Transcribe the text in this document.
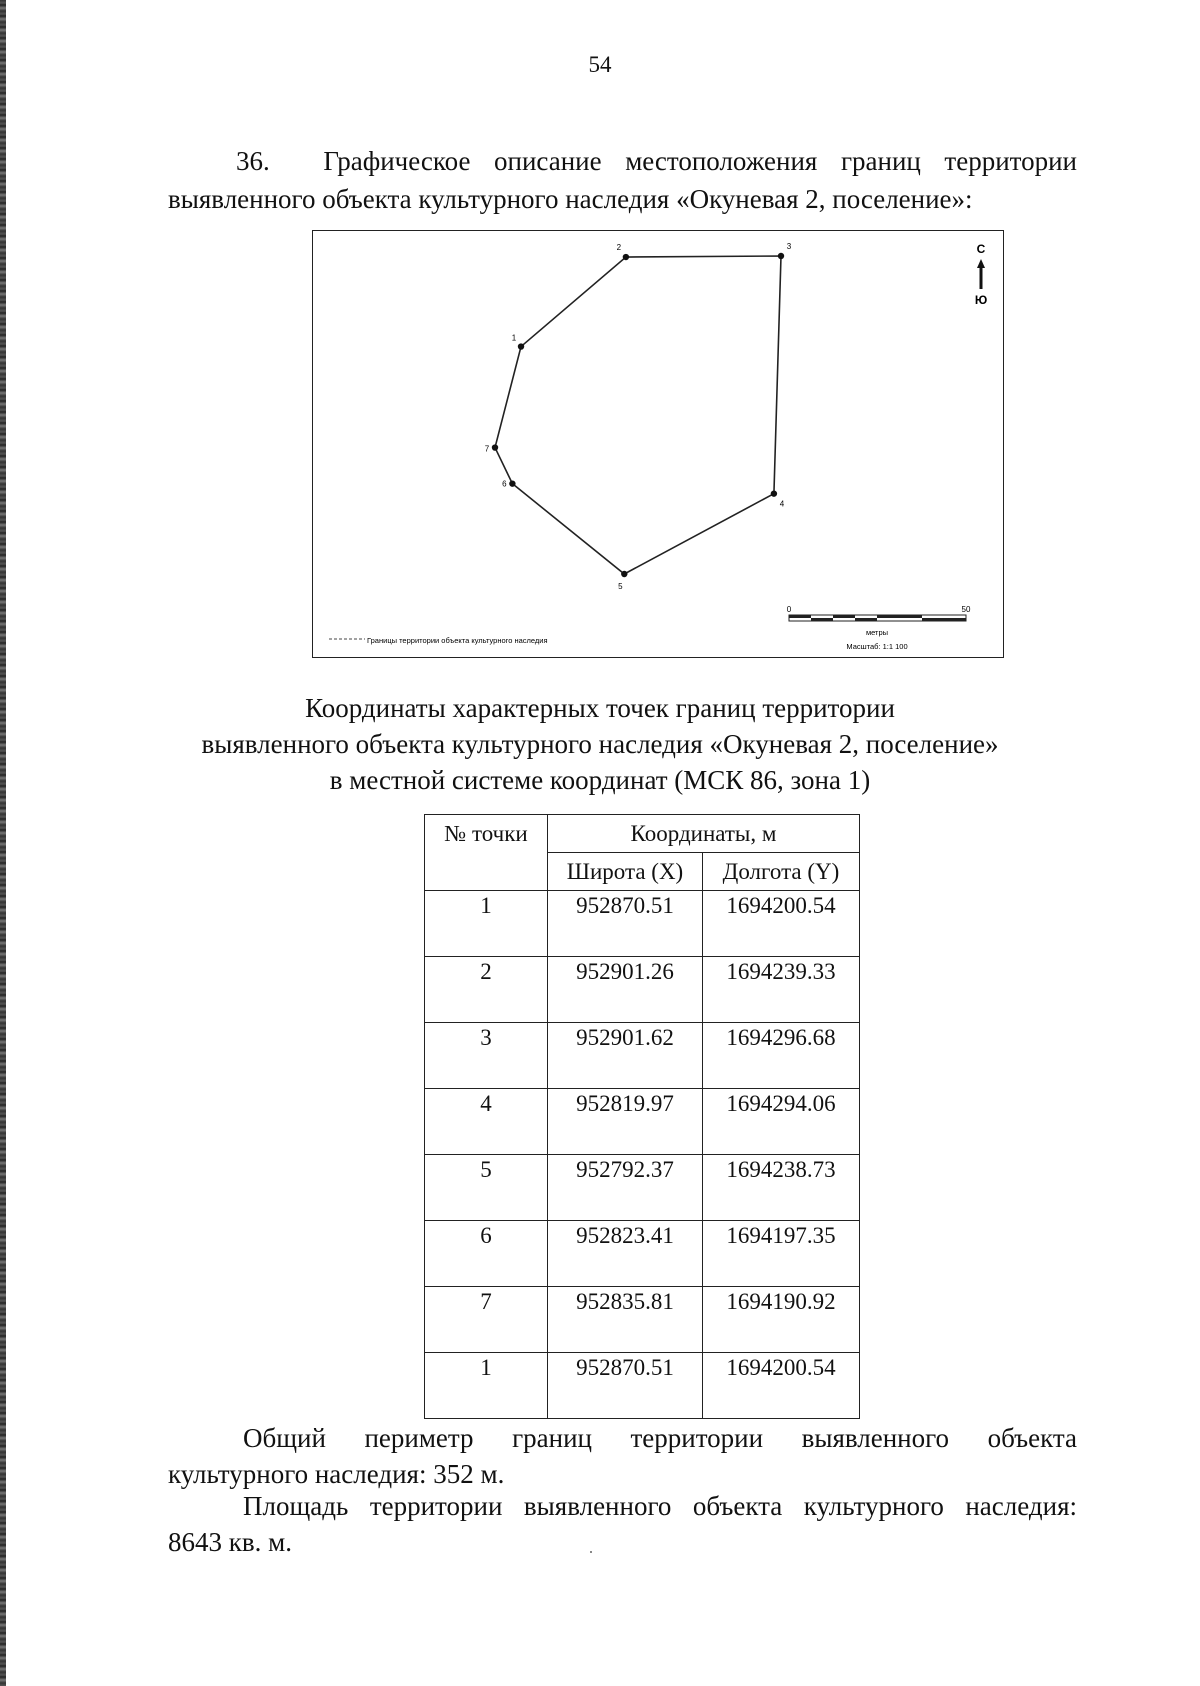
54
36. Графическое описание местоположения границ территории
выявленного объекта культурного наследия «Окуневая 2, поселение»:
1
2	3
4
5
6
7
С
Ю
0	50
метры
Масштаб: 1:1 100
Границы территории объекта культурного наследия
Координаты характерных точек границ территории
выявленного объекта культурного наследия «Окуневая 2, поселение»
в местной системе координат (МСК 86, зона 1)
№ точки	Координаты, м	
	Широта (X)	Долгота (Y)
1	952870.51	1694200.54
2	952901.26	1694239.33
3	952901.62	1694296.68
4	952819.97	1694294.06
5	952792.37	1694238.73
6	952823.41	1694197.35
7	952835.81	1694190.92
1	952870.51	1694200.54
Общий периметр границ территории выявленного объекта
культурного наследия: 352 м.
Площадь территории выявленного объекта культурного наследия:
8643 кв. м.
